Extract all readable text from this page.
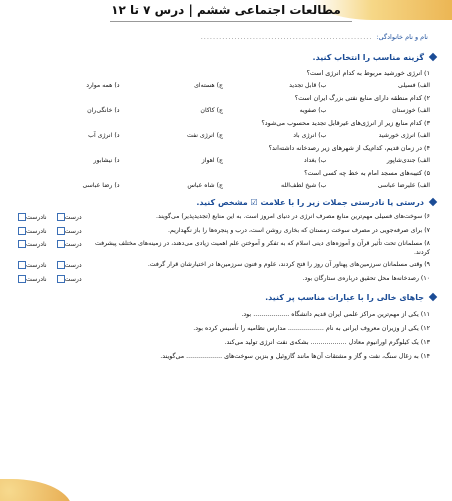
مطالعات اجتماعی ششم | درس ۷ تا ۱۲
نام و نام خانوادگی:
........................................................
گزینه مناسب را انتخاب کنید.
۱) انرژی خورشید مربوط به کدام انرژی است؟
الف) فسیلی
ب) قابل تجدید
ج) هسته‌ای
د) همه موارد
۲) کدام منطقه دارای منابع نفتی بزرگ ایران است؟
الف) خوزستان
ب) صفویه
ج) کاکان
د) خانگی‌ران
۳) کدام منابع زیر از انرژی‌های غیرقابل تجدید محسوب می‌شود؟
الف) انرژی خورشید
ب) انرژی باد
ج) انرژی نفت
د) انرژی آب
۴) در زمان قدیم، کدام‌یک از شهرهای زیر رصدخانه داشته‌اند؟
الف) جندی‌شاپور
ب) بغداد
ج) اهواز
د) نیشابور
۵) کتیبه‌های مسجد امام به خط چه کسی است؟
الف) علیرضا عباسی
ب) شیخ لطف‌الله
ج) شاه عباس
د) رضا عباسی
درستی یا نادرستی جملات زیر را با علامت ☑ مشخص کنید.
۶) سوخت‌های فسیلی مهم‌ترین منابع مصرف انرژی در دنیای امروز است. به این منابع (تجدیدپذیر) می‌گویند.
درست
نادرست
۷) برای صرفه‌جویی در مصرف سوخت زمستان که بخاری روشن است، درب و پنجره‌ها را باز نگهداریم.
درست
نادرست
۸) مسلمانان تحت تأثیر قرآن و آموزه‌های دینی اسلام که به تفکر و آموختن علم اهمیت زیادی می‌دهند، در زمینه‌های مختلف پیشرفت کردند.
درست
نادرست
۹) وقتی مسلمانان سرزمین‌های پهناور آن روز را فتح کردند، علوم و فنون سرزمین‌ها در اختیارشان قرار گرفت.
درست
نادرست
۱۰) رصدخانه‌ها محل تحقیق درباره‌ی ستارگان بود.
درست
نادرست
جاهای خالی را با عبارات مناسب پر کنید.
۱۱) یکی از مهم‌ترین مراکز علمی ایران قدیم دانشگاه .................. بود.
۱۲) یکی از وزیران معروف ایرانی به نام .................. مدارس نظامیه را تأسیس کرده بود.
۱۳) یک کیلوگرم اورانیوم معادل .................. بشکه‌ی نفت انرژی تولید می‌کند.
۱۴) به زغال سنگ، نفت و گاز و مشتقات آن‌ها مانند گازوئیل و بنزین سوخت‌های .................. می‌گویند.
